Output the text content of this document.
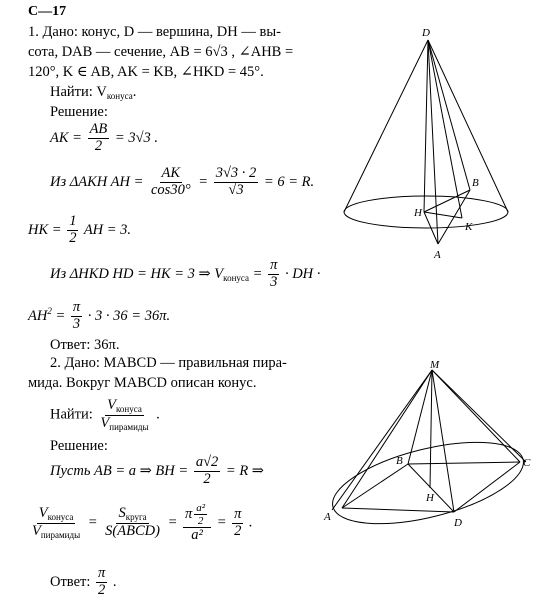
C—17
1. Дано: конус, D — вершина, DH — вы-
сота, DAB — сечение, AB = 6√3 , ∠AHB =
120°, K ∈ AB, AK = KB, ∠HKD = 45°.
Найти: $V_{конуса}$.
Решение:
AK = $\frac{AB}{2} = 3√3$ .
Из ΔAKH AH = $\frac{AK}{\cos 30^\circ} = \frac{3√3 \cdot 2}{√3} = 6 = R$.
HK = $\frac{1}{2}$ AH = 3.
Из ΔHKD HD = HK = 3 ⇒ $V_{конуса} = \frac{\pi}{3}$ · DH ·
$AH^2 = \frac{\pi}{3} \cdot 3 \cdot 36 = 36\pi$.
Ответ: 36π.
2. Дано: MABCD — правильная пира-
мида. Вокруг MABCD описан конус.
Найти: $\frac{V_{конуса}}{V_{пирамиды}}$ .
Решение:
Пусть AB = a ⇒ BH = $\frac{a√2}{2} = R$ ⇒
$\frac{V_{конуса}}{V_{пирамиды}} = \frac{S_{круга}}{\text{S(ABCD)}} = \frac{\pi \frac{\text{a²}}{2}}{\text{a²}} = \frac{\pi}{2}$ .
Ответ: $\frac{\pi}{2}$ .
D
B
H
K
A
M
B	C
H
A	D
